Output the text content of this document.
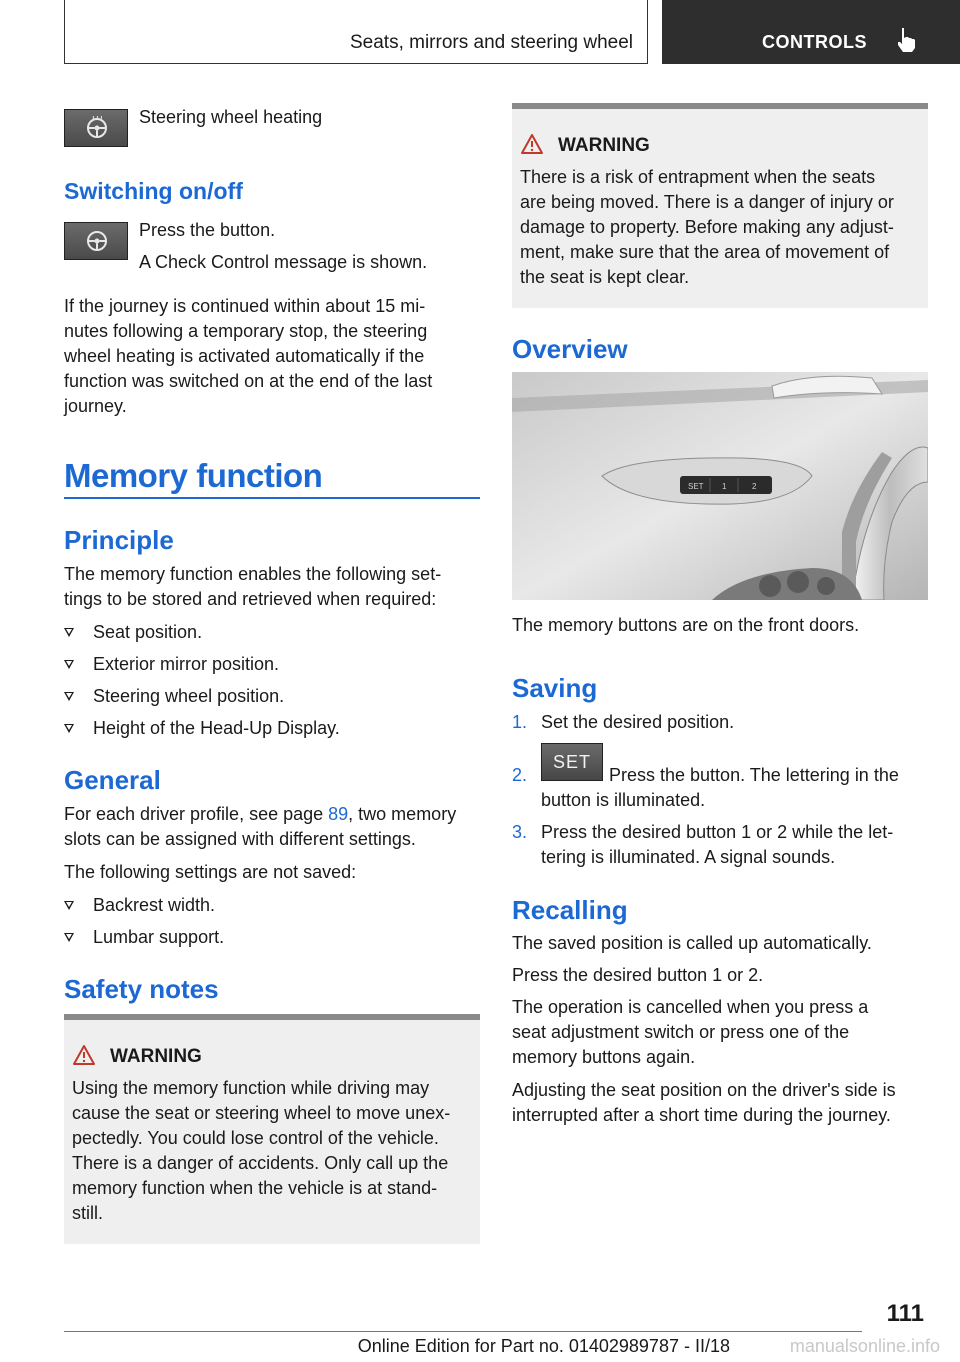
Seats, mirrors and steering wheel	CONTROLS

Steering wheel heating

Switching on/off

Press the button.

A Check Control message is shown.

If the journey is continued within about 15 mi‐
nutes following a temporary stop, the steering
wheel heating is activated automatically if the
function was switched on at the end of the last
journey.
Memory function
Principle
The memory function enables the following set‐
tings to be stored and retrieved when required:
Seat position.
Exterior mirror position.
Steering wheel position.
Height of the Head-Up Display.
General

For each driver profile, see page 89, two memory

slots can be assigned with different settings.

The following settings are not saved:

Backrest width.
Lumbar support.
Safety notes
WARNING
Using the memory function while driving may
cause the seat or steering wheel to move unex‐
pectedly. You could lose control of the vehicle.
There is a danger of accidents. Only call up the
memory function when the vehicle is at stand‐
still.
WARNING
There is a risk of entrapment when the seats
are being moved. There is a danger of injury or
damage to property. Before making any adjust‐
ment, make sure that the area of movement of
the seat is kept clear.
Overview
SET 1	2

The memory buttons are on the front doors.

Saving
1. Set the desired position.
2.
SET
Press the button. The lettering in the
button is illuminated.
3. Press the desired button 1 or 2 while the let‐
tering is illuminated. A signal sounds.
Recalling

The saved position is called up automatically.

Press the desired button 1 or 2.

The operation is cancelled when you press a
seat adjustment switch or press one of the
memory buttons again.
Adjusting the seat position on the driver's side is
interrupted after a short time during the journey.
111
Online Edition for Part no. 01402989787 - II/18	manualsonline.info
